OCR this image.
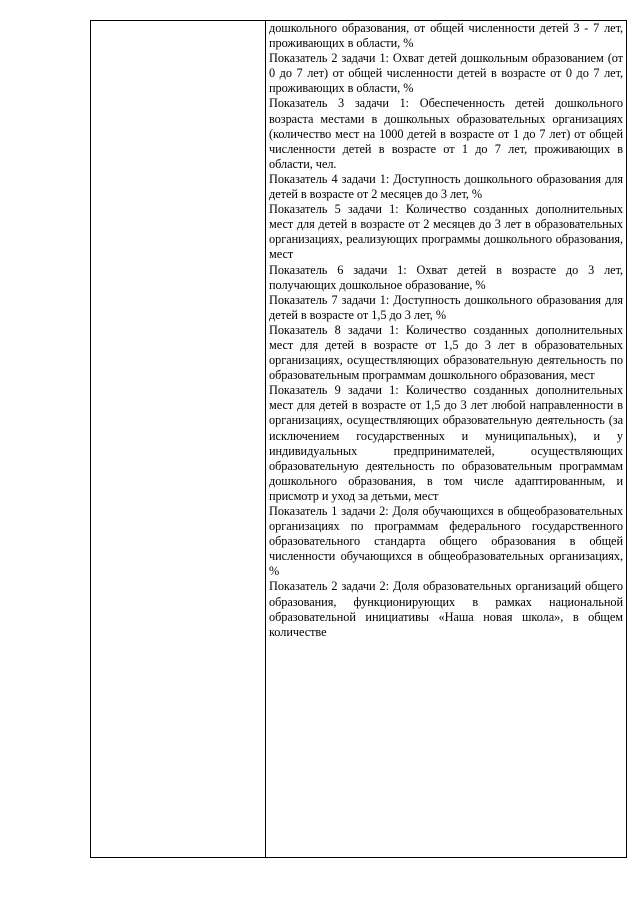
дошкольного образования, от общей численности детей 3 - 7 лет, проживающих в области, %

Показатель 2 задачи 1: Охват детей дошкольным образованием (от 0 до 7 лет) от общей численности детей в возрасте от 0 до 7 лет, проживающих в области, %

Показатель 3 задачи 1: Обеспеченность детей дошкольного возраста местами в дошкольных образовательных организациях (количество мест на 1000 детей в возрасте от 1 до 7 лет) от общей численности детей в возрасте от 1 до 7 лет, проживающих в области, чел.

Показатель 4 задачи 1: Доступность дошкольного образования для детей в возрасте от 2 месяцев до 3 лет, %

Показатель 5 задачи 1: Количество созданных дополнительных мест для детей в возрасте от 2 месяцев до 3 лет в образовательных организациях, реализующих программы дошкольного образования, мест

Показатель 6 задачи 1: Охват детей в возрасте до 3 лет, получающих дошкольное образование, %

Показатель 7 задачи 1: Доступность дошкольного образования для детей в возрасте от 1,5 до 3 лет, %

Показатель 8 задачи 1: Количество созданных дополнительных мест для детей в возрасте от 1,5 до 3 лет в образовательных организациях, осуществляющих образовательную деятельность по образовательным программам дошкольного образования, мест

Показатель 9 задачи 1: Количество созданных дополнительных мест для детей в возрасте от 1,5 до 3 лет любой направленности в организациях, осуществляющих образовательную деятельность (за исключением государственных и муниципальных), и у индивидуальных предпринимателей, осуществляющих образовательную деятельность по образовательным программам дошкольного образования, в том числе адаптированным, и присмотр и уход за детьми, мест

Показатель 1 задачи 2: Доля обучающихся в общеобразовательных организациях по программам федерального государственного образовательного стандарта общего образования в общей численности обучающихся в общеобразовательных организациях, %

Показатель 2 задачи 2: Доля образовательных организаций общего образования, функционирующих в рамках национальной образовательной инициативы «Наша новая школа», в общем количестве
